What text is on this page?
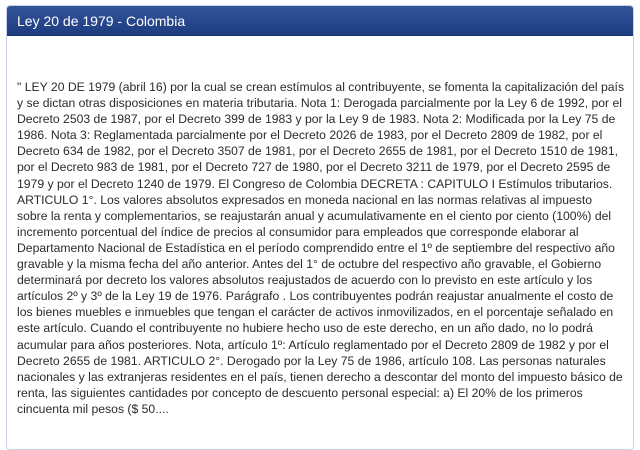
Ley 20 de 1979 - Colombia

" LEY 20 DE 1979 (abril 16) por la cual se crean estímulos al contribuyente, se fomenta la capitalización del país y se dictan otras disposiciones en materia tributaria. Nota 1: Derogada parcialmente por la Ley 6 de 1992, por el Decreto 2503 de 1987, por el Decreto 399 de 1983 y por la Ley 9 de 1983. Nota 2: Modificada por la Ley 75 de 1986. Nota 3: Reglamentada parcialmente por el Decreto 2026 de 1983, por el Decreto 2809 de 1982, por el Decreto 634 de 1982, por el Decreto 3507 de 1981, por el Decreto 2655 de 1981, por el Decreto 1510 de 1981, por el Decreto 983 de 1981, por el Decreto 727 de 1980, por el Decreto 3211 de 1979, por el Decreto 2595 de 1979 y por el Decreto 1240 de 1979. El Congreso de Colombia DECRETA : CAPITULO I Estímulos tributarios. ARTICULO 1°. Los valores absolutos expresados en moneda nacional en las normas relativas al impuesto sobre la renta y complementarios, se reajustarán anual y acumulativamente en el ciento por ciento (100%) del incremento porcentual del índice de precios al consumidor para empleados que corresponde elaborar al Departamento Nacional de Estadística en el período comprendido entre el 1º de septiembre del respectivo año gravable y la misma fecha del año anterior. Antes del 1° de octubre del respectivo año gravable, el Gobierno determinará por decreto los valores absolutos reajustados de acuerdo con lo previsto en este artículo y los artículos 2º y 3º de la Ley 19 de 1976. Parágrafo . Los contribuyentes podrán reajustar anualmente el costo de los bienes muebles e inmuebles que tengan el carácter de activos inmovilizados, en el porcentaje señalado en este artículo. Cuando el contribuyente no hubiere hecho uso de este derecho, en un año dado, no lo podrá acumular para años posteriores. Nota, artículo 1º: Artículo reglamentado por el Decreto 2809 de 1982 y por el Decreto 2655 de 1981. ARTICULO 2°. Derogado por la Ley 75 de 1986, artículo 108. Las personas naturales nacionales y las extranjeras residentes en el país, tienen derecho a descontar del monto del impuesto básico de renta, las siguientes cantidades por concepto de descuento personal especial: a) El 20% de los primeros cincuenta mil pesos ($ 50....
